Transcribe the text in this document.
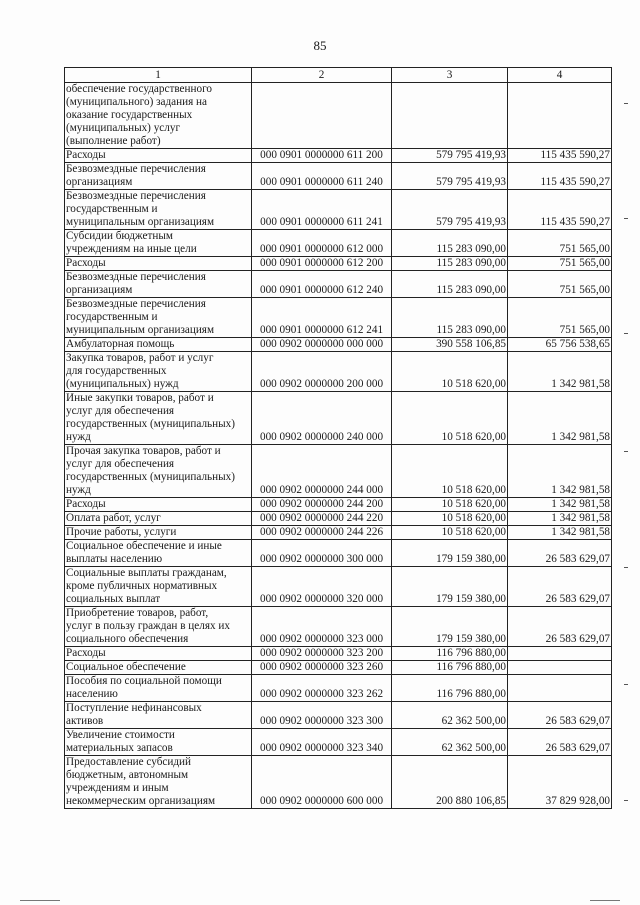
85
1	2	3	4
обеспечение государственного
(муниципального) задания на
оказание государственных
(муниципальных) услуг
(выполнение работ)			
Расходы	000 0901 0000000 611 200	579 795 419,93	115 435 590,27
Безвозмездные перечисления
организациям	000 0901 0000000 611 240	579 795 419,93	115 435 590,27
Безвозмездные перечисления
государственным и
муниципальным организациям	000 0901 0000000 611 241	579 795 419,93	115 435 590,27
Субсидии бюджетным
учреждениям на иные цели	000 0901 0000000 612 000	115 283 090,00	751 565,00
Расходы	000 0901 0000000 612 200	115 283 090,00	751 565,00
Безвозмездные перечисления
организациям	000 0901 0000000 612 240	115 283 090,00	751 565,00
Безвозмездные перечисления
государственным и
муниципальным организациям	000 0901 0000000 612 241	115 283 090,00	751 565,00
Амбулаторная помощь	000 0902 0000000 000 000	390 558 106,85	65 756 538,65
Закупка товаров, работ и услуг
для государственных
(муниципальных) нужд	000 0902 0000000 200 000	10 518 620,00	1 342 981,58
Иные закупки товаров, работ и
услуг для обеспечения
государственных (муниципальных)
нужд	000 0902 0000000 240 000	10 518 620,00	1 342 981,58
Прочая закупка товаров, работ и
услуг для обеспечения
государственных (муниципальных)
нужд	000 0902 0000000 244 000	10 518 620,00	1 342 981,58
Расходы	000 0902 0000000 244 200	10 518 620,00	1 342 981,58
Оплата работ, услуг	000 0902 0000000 244 220	10 518 620,00	1 342 981,58
Прочие работы, услуги	000 0902 0000000 244 226	10 518 620,00	1 342 981,58
Социальное обеспечение и иные
выплаты населению	000 0902 0000000 300 000	179 159 380,00	26 583 629,07
Социальные выплаты гражданам,
кроме публичных нормативных
социальных выплат	000 0902 0000000 320 000	179 159 380,00	26 583 629,07
Приобретение товаров, работ,
услуг в пользу граждан в целях их
социального обеспечения	000 0902 0000000 323 000	179 159 380,00	26 583 629,07
Расходы	000 0902 0000000 323 200	116 796 880,00	
Социальное обеспечение	000 0902 0000000 323 260	116 796 880,00	
Пособия по социальной помощи
населению	000 0902 0000000 323 262	116 796 880,00	
Поступление нефинансовых
активов	000 0902 0000000 323 300	62 362 500,00	26 583 629,07
Увеличение стоимости
материальных запасов	000 0902 0000000 323 340	62 362 500,00	26 583 629,07
Предоставление субсидий
бюджетным, автономным
учреждениям и иным
некоммерческим организациям	000 0902 0000000 600 000	200 880 106,85	37 829 928,00
